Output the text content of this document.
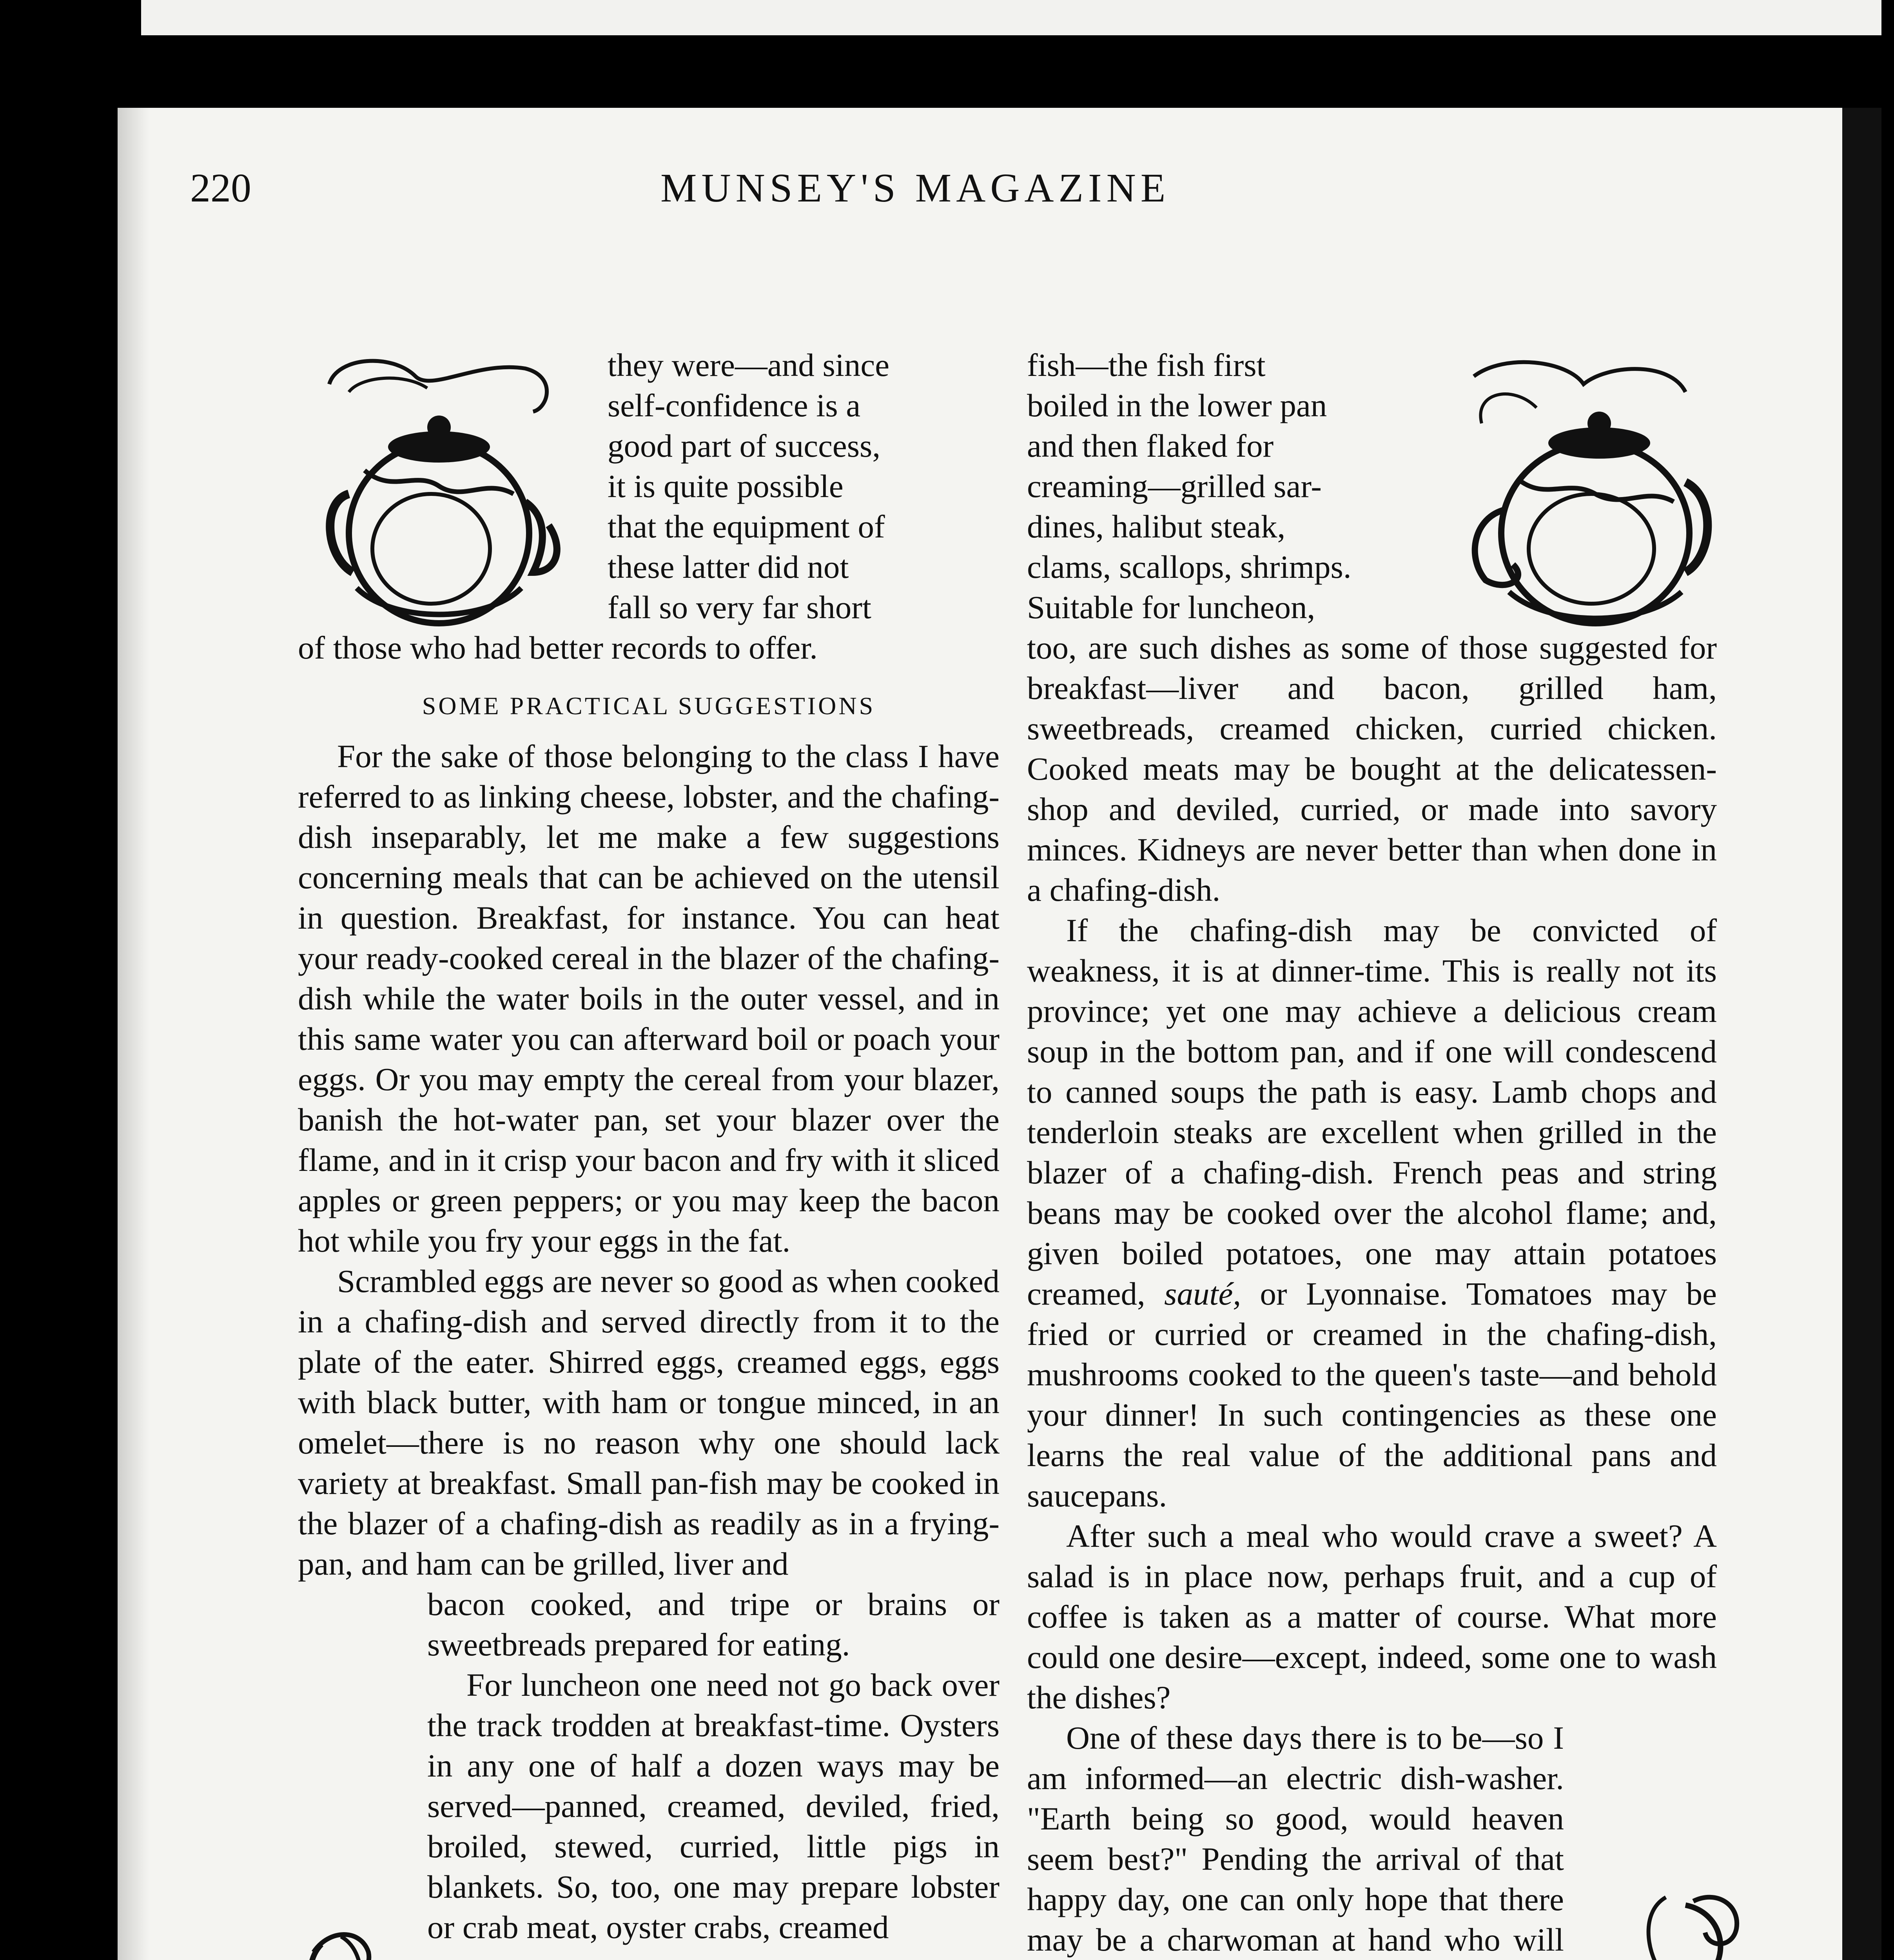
220	MUNSEY'S MAGAZINE

they were—and since

self-confidence is a

good part of success,

it is quite possible

that the equipment of

these latter did not

fall so very far short

of those who had better records to offer.

SOME PRACTICAL SUGGESTIONS

For the sake of those belonging to the class I have referred to as linking cheese, lobster, and the chafing-dish inseparably, let me make a few suggestions concerning meals that can be achieved on the utensil in question. Breakfast, for instance. You can heat your ready-cooked cereal in the blazer of the chafing-dish while the water boils in the outer vessel, and in this same water you can afterward boil or poach your eggs. Or you may empty the cereal from your blazer, banish the hot-water pan, set your blazer over the flame, and in it crisp your bacon and fry with it sliced apples or green peppers; or you may keep the bacon hot while you fry your eggs in the fat.

Scrambled eggs are never so good as when cooked in a chafing-dish and served directly from it to the plate of the eater. Shirred eggs, creamed eggs, eggs with black butter, with ham or tongue minced, in an omelet—there is no reason why one should lack variety at breakfast. Small pan-fish may be cooked in the blazer of a chafing-dish as readily as in a frying-pan, and ham can be grilled, liver and

bacon cooked, and tripe or brains or sweetbreads prepared for eating.

For luncheon one need not go back over the track trodden at breakfast-time. Oysters in any one of half a dozen ways may be served—panned, creamed, deviled, fried, broiled, stewed, curried, little pigs in blankets. So, too, one may prepare lobster or crab meat, oyster crabs, creamed

fish—the fish first

boiled in the lower pan

and then flaked for

creaming—grilled sar-

dines, halibut steak,

clams, scallops, shrimps.

Suitable for luncheon,

too, are such dishes as some of those suggested for breakfast—liver and bacon, grilled ham, sweetbreads, creamed chicken, curried chicken. Cooked meats may be bought at the delicatessen-shop and deviled, curried, or made into savory minces. Kidneys are never better than when done in a chafing-dish.

If the chafing-dish may be convicted of weakness, it is at dinner-time. This is really not its province; yet one may achieve a delicious cream soup in the bottom pan, and if one will condescend to canned soups the path is easy. Lamb chops and tenderloin steaks are excellent when grilled in the blazer of a chafing-dish. French peas and string beans may be cooked over the alcohol flame; and, given boiled potatoes, one may attain potatoes creamed, sauté, or Lyonnaise. Tomatoes may be fried or curried or creamed in the chafing-dish, mushrooms cooked to the queen's taste—and behold your dinner! In such contingencies as these one learns the real value of the additional pans and saucepans.

After such a meal who would crave a sweet? A salad is in place now, perhaps fruit, and a cup of coffee is taken as a matter of course. What more could one desire—except, indeed, some one to wash the dishes?

One of these days there is to be—so I am informed—an electric dish-washer. "Earth being so good, would heaven seem best?" Pending the arrival of that happy day, one can only hope that there may be a charwoman at hand who will
